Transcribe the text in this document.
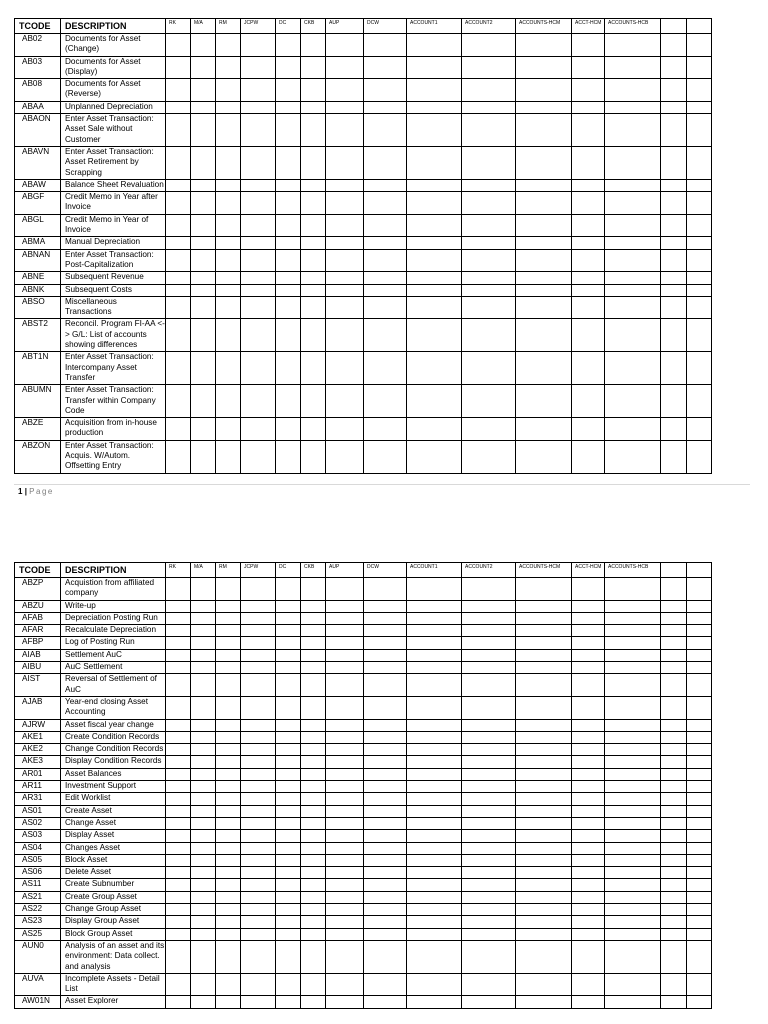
TCODE	DESCRIPTION	RK	M/A	RM	JCPW	DC	CKB	AUP	DCW	ACCOUNT1	ACCOUNT2	ACCOUNTS-HCM	ACCT-HCM	ACCOUNTS-HCB		
AB02	Documents for Asset (Change)															
AB03	Documents for Asset (Display)															
AB08	Documents for Asset (Reverse)															
ABAA	Unplanned Depreciation															
ABAON	Enter Asset Transaction: Asset Sale without Customer															
ABAVN	Enter Asset Transaction: Asset Retirement by Scrapping															
ABAW	Balance Sheet Revaluation															
ABGF	Credit Memo in Year after Invoice															
ABGL	Credit Memo in Year of Invoice															
ABMA	Manual Depreciation															
ABNAN	Enter Asset Transaction: Post-Capitalization															
ABNE	Subsequent Revenue															
ABNK	Subsequent Costs															
ABSO	Miscellaneous Transactions															
ABST2	Reconcil. Program FI-AA <-> G/L: List of accounts showing differences															
ABT1N	Enter Asset Transaction: Intercompany Asset Transfer															
ABUMN	Enter Asset Transaction: Transfer within Company Code															
ABZE	Acquisition from in-house production															
ABZON	Enter Asset Transaction: Acquis. W/Autom. Offsetting Entry															
1 | Page
TCODE	DESCRIPTION	RK	M/A	RM	JCPW	DC	CKB	AUP	DCW	ACCOUNT1	ACCOUNT2	ACCOUNTS-HCM	ACCT-HCM	ACCOUNTS-HCB		
ABZP	Acquistion from affiliated company															
ABZU	Write-up															
AFAB	Depreciation Posting Run															
AFAR	Recalculate Depreciation															
AFBP	Log of Posting Run															
AIAB	Settlement AuC															
AIBU	AuC Settlement															
AIST	Reversal of Settlement of AuC															
AJAB	Year-end closing Asset Accounting															
AJRW	Asset fiscal year change															
AKE1	Create Condition Records															
AKE2	Change Condition Records															
AKE3	Display Condition Records															
AR01	Asset Balances															
AR11	Investment Support															
AR31	Edit Worklist															
AS01	Create Asset															
AS02	Change Asset															
AS03	Display Asset															
AS04	Changes Asset															
AS05	Block Asset															
AS06	Delete Asset															
AS11	Create Subnumber															
AS21	Create Group Asset															
AS22	Change Group Asset															
AS23	Display Group Asset															
AS25	Block Group Asset															
AUN0	Analysis of an asset and its environment: Data collect. and analysis															
AUVA	Incomplete Assets - Detail List															
AW01N	Asset Explorer															
